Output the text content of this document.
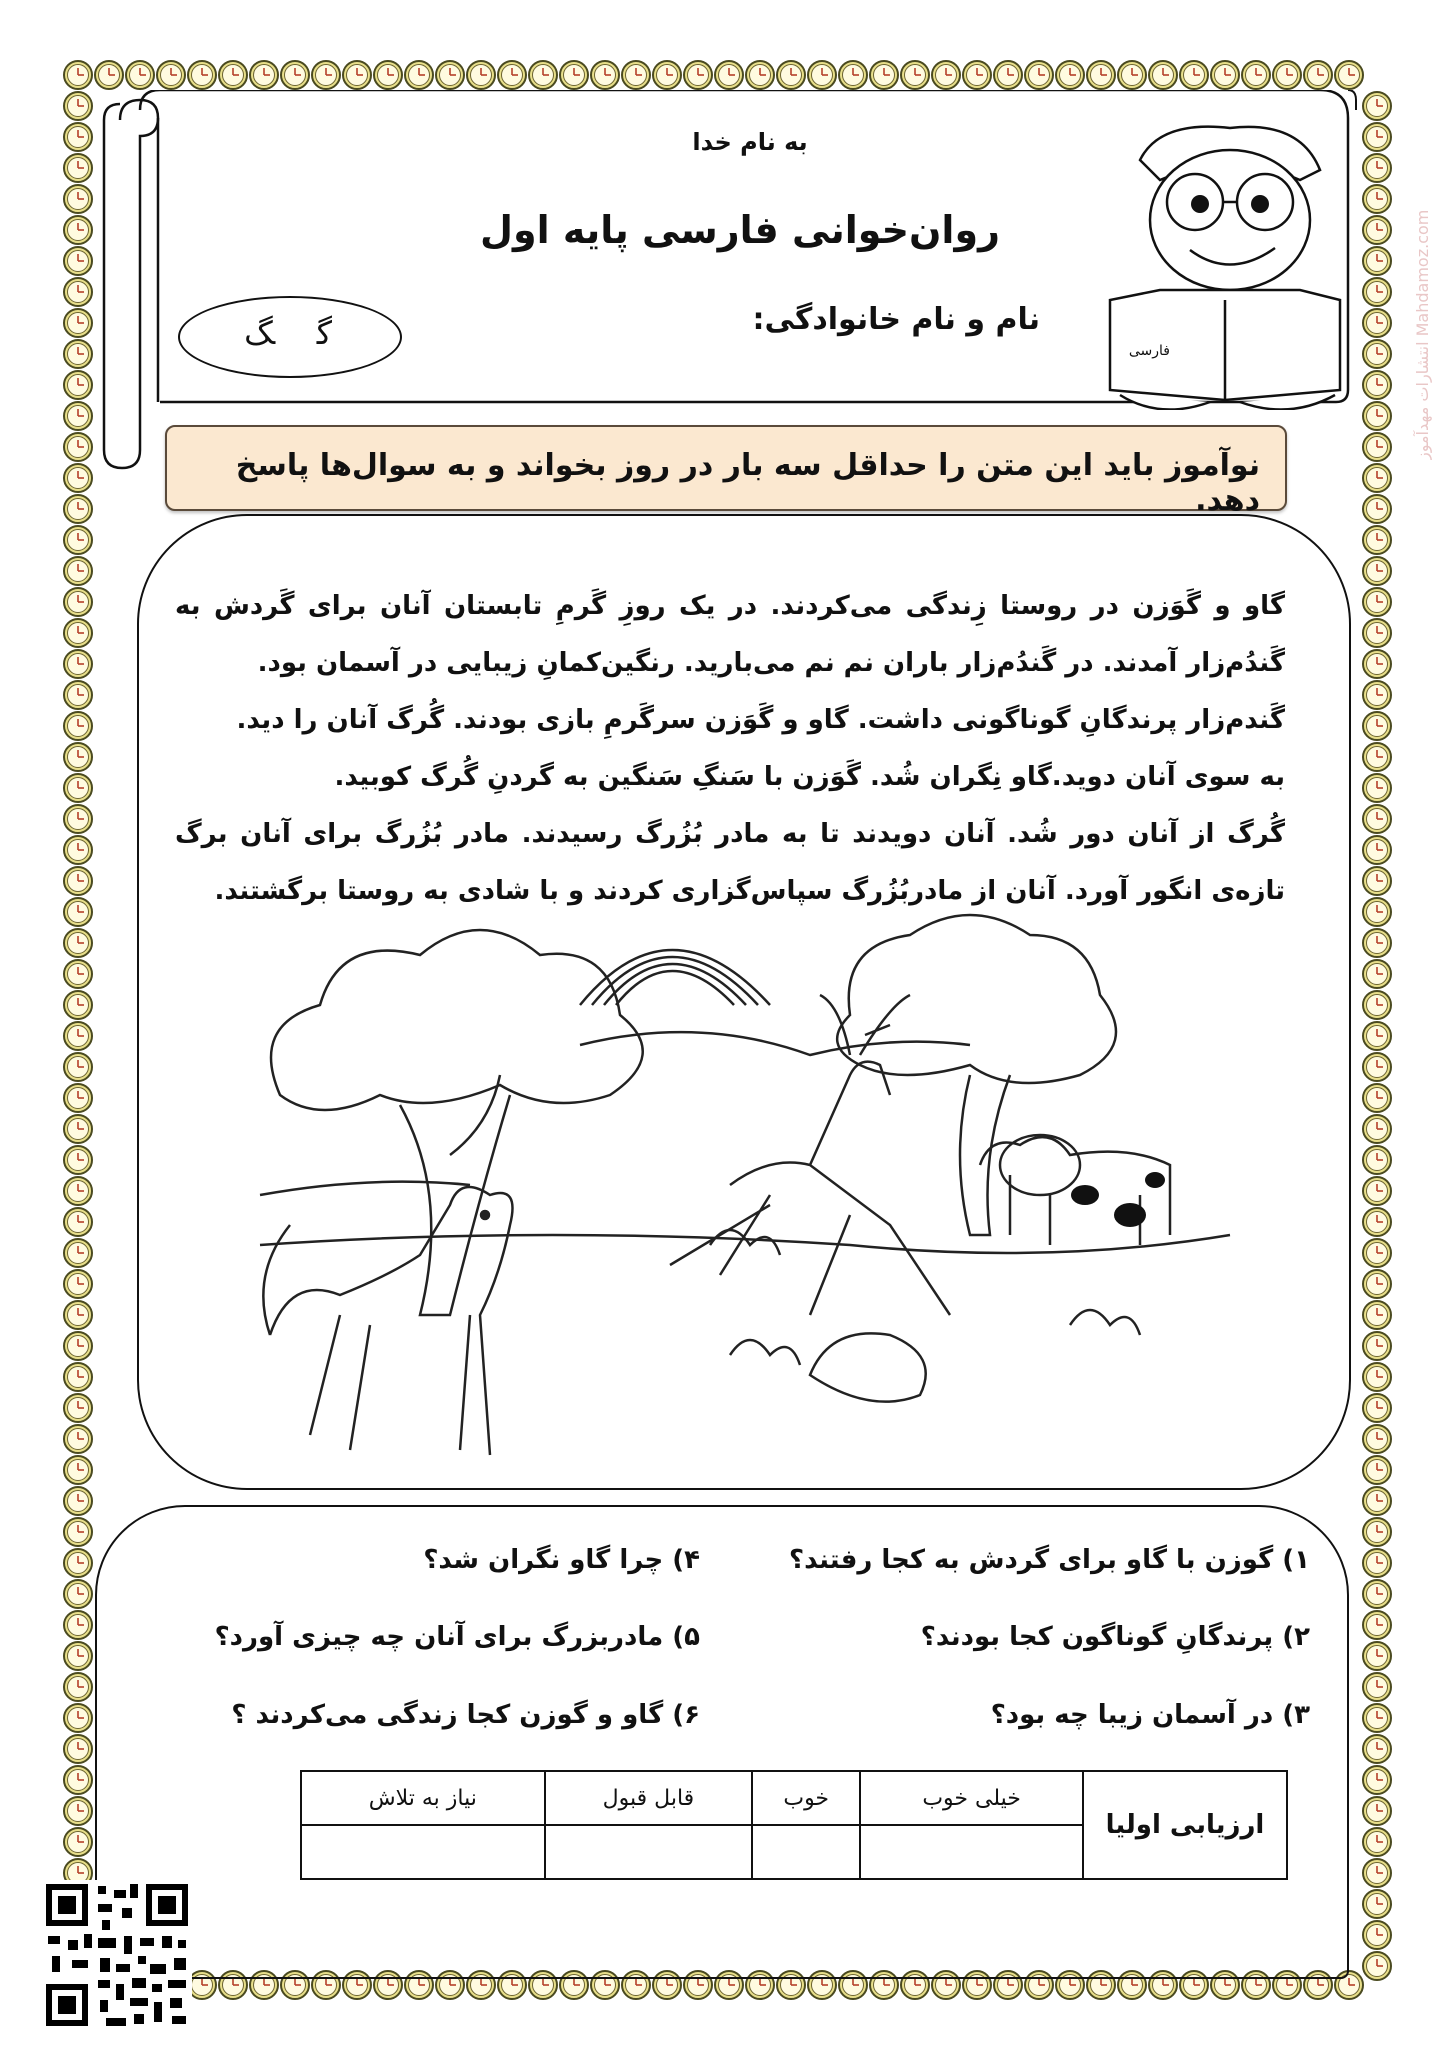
به نام خدا
روان‌خوانی فارسی پایه اول
نام و نام خانوادگی:
گگ	فارسی	انتشارات مهدآموز Mahdamoz.com
نوآموز باید این متن را حداقل سه بار در روز بخواند و به سوال‌ها پاسخ دهد.

گاو و گَوَزن در روستا زِندگی می‌کردند. در یک روزِ گَرمِ تابستان آنان برای گَردش به گَندُم‌زار آمدند. در گَندُم‌زار باران نم نم می‌بارید. رنگین‌کمانِ زیبایی در آسمان بود.

گَندم‌زار پرندگانِ گوناگونی داشت. گاو و گَوَزن سرگَرمِ بازی بودند. گُرگ آنان را دید.

به سوی آنان دوید.گاو نِگران شُد. گَوَزن با سَنگِ سَنگین به گردنِ گُرگ کوبید.

گُرگ از آنان دور شُد. آنان دویدند تا به مادر بُزُرگ رسیدند. مادر بُزُرگ برای آنان برگ تازه‌ی انگور آورد. آنان از مادربُزُرگ سپاس‌گزاری کردند و با شادی به روستا برگشتند.

۱) گوزن با گاو برای گردش به کجا رفتند؟
۲) پرندگانِ گوناگون کجا بودند؟
۳) در آسمان زیبا چه بود؟
۴) چرا گاو نگران شد؟
۵) مادربزرگ برای آنان چه چیزی آورد؟
۶) گاو و گوزن کجا زندگی می‌کردند ؟
ارزیابی اولیا	خیلی خوب	خوب	قابل قبول	نیاز به تلاش
